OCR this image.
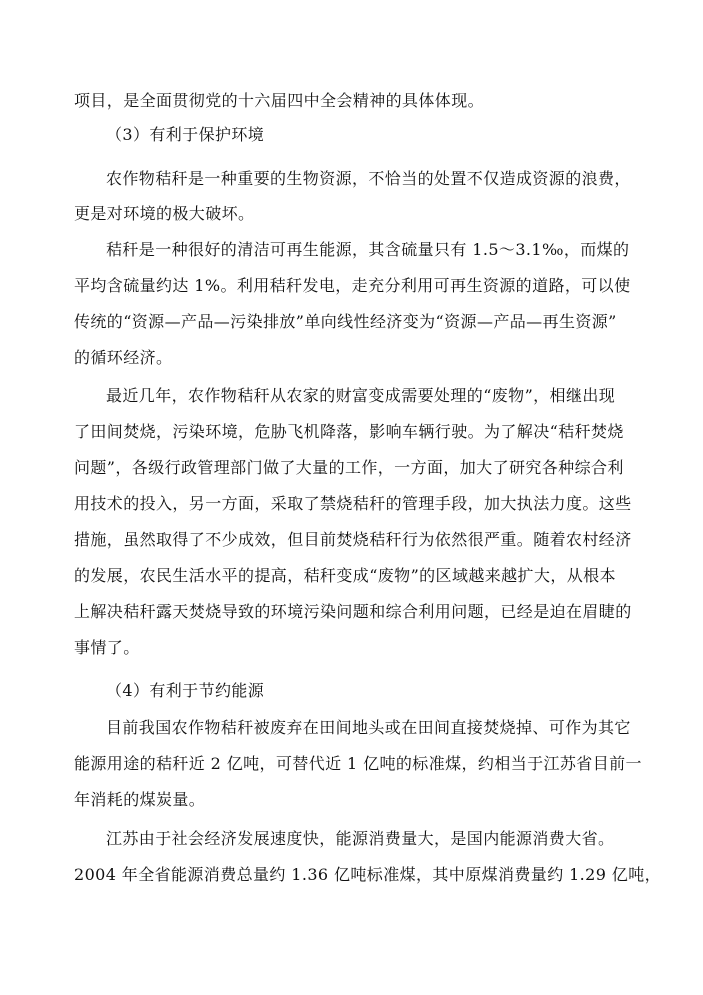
项目，是全面贯彻党的十六届四中全会精神的具体体现。
（3）有利于保护环境
农作物秸秆是一种重要的生物资源，不恰当的处置不仅造成资源的浪费，
更是对环境的极大破坏。
秸秆是一种很好的清洁可再生能源，其含硫量只有 1.5～3.1‰，而煤的
平均含硫量约达 1%。利用秸秆发电，走充分利用可再生资源的道路，可以使
传统的“资源—产品—污染排放”单向线性经济变为“资源—产品—再生资源”
的循环经济。
最近几年，农作物秸秆从农家的财富变成需要处理的“废物”，相继出现
了田间焚烧，污染环境，危胁飞机降落，影响车辆行驶。为了解决“秸秆焚烧
问题”，各级行政管理部门做了大量的工作，一方面，加大了研究各种综合利
用技术的投入，另一方面，采取了禁烧秸秆的管理手段，加大执法力度。这些
措施，虽然取得了不少成效，但目前焚烧秸秆行为依然很严重。随着农村经济
的发展，农民生活水平的提高，秸秆变成“废物”的区域越来越扩大，从根本
上解决秸秆露天焚烧导致的环境污染问题和综合利用问题，已经是迫在眉睫的
事情了。
（4）有利于节约能源
目前我国农作物秸秆被废弃在田间地头或在田间直接焚烧掉、可作为其它
能源用途的秸秆近 2 亿吨，可替代近 1 亿吨的标准煤，约相当于江苏省目前一
年消耗的煤炭量。
江苏由于社会经济发展速度快，能源消费量大，是国内能源消费大省。
2004 年全省能源消费总量约 1.36 亿吨标准煤，其中原煤消费量约 1.29 亿吨，
